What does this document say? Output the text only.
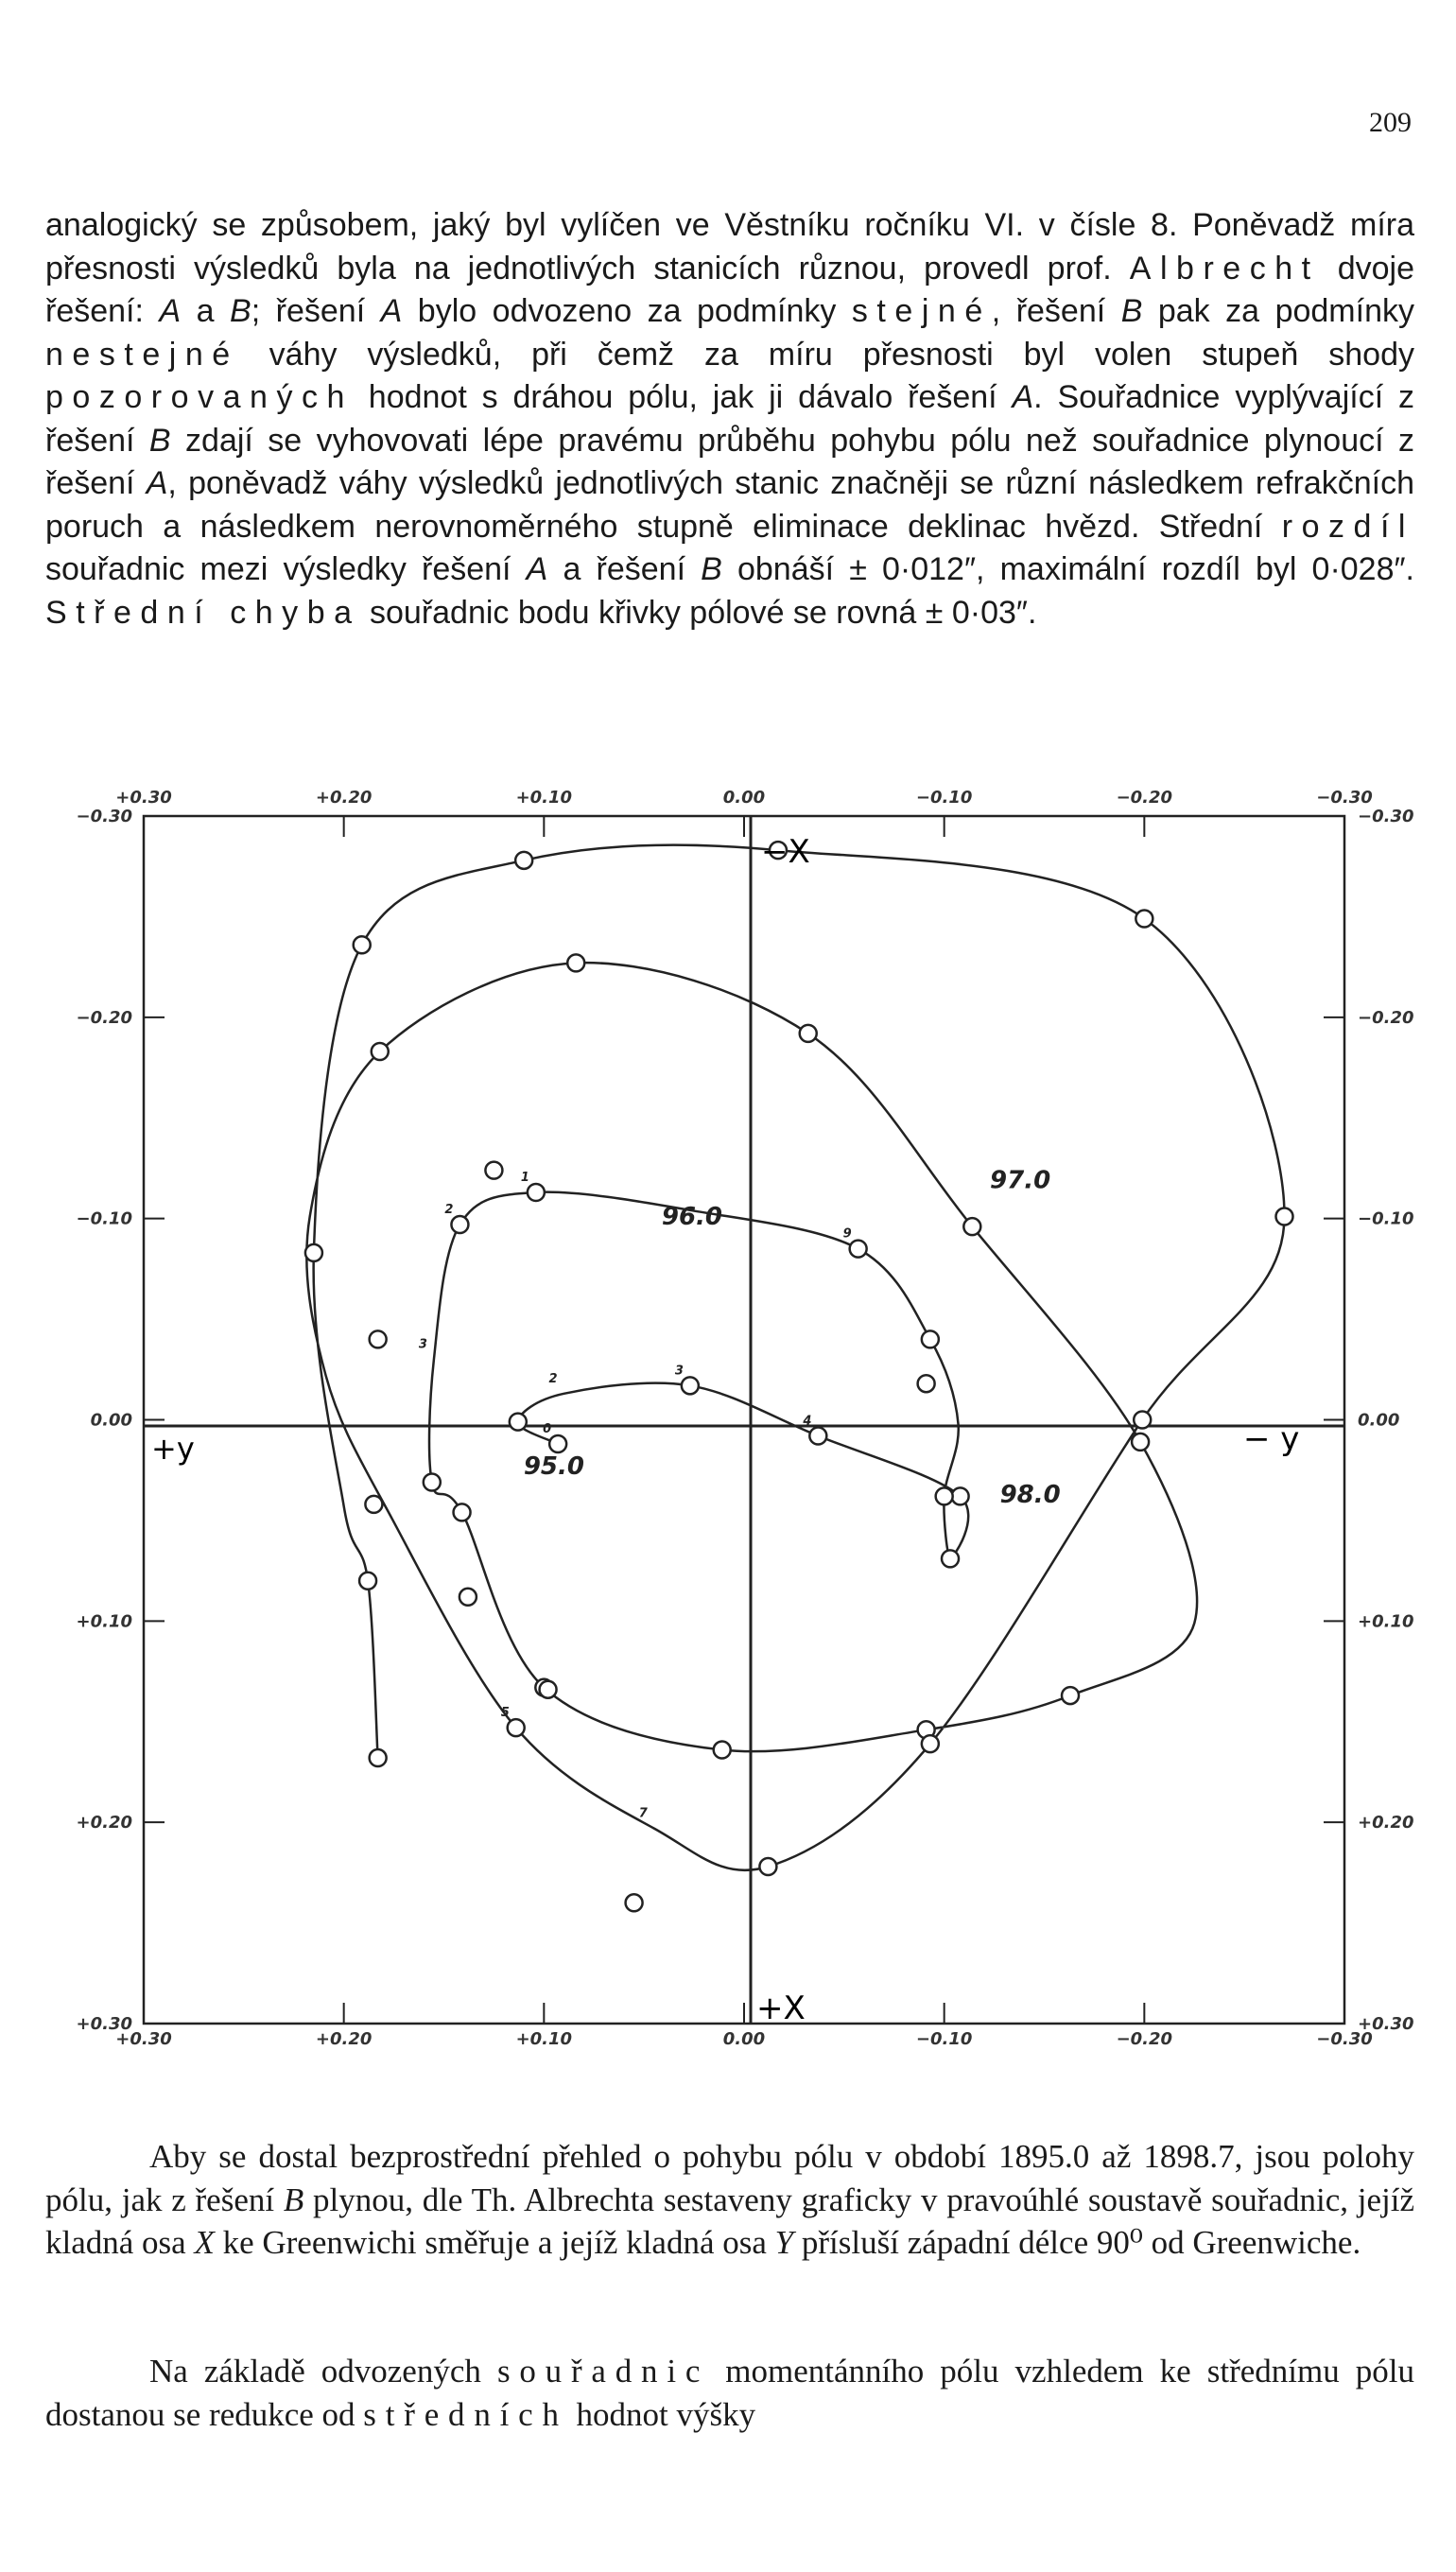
209

analogický se způsobem, jaký byl vylíčen ve Věstníku ročníku VI. v čísle 8. Poněvadž míra přesnosti výsledků byla na jednotlivých stanicích různou, provedl prof. Albrecht dvoje řešení: A a B; řešení A bylo odvozeno za podmínky stejné, řešení B pak za podmínky nestejné váhy výsledků, při čemž za míru přesnosti byl volen stupeň shody pozorovaných hodnot s dráhou pólu, jak ji dávalo řešení A. Souřadnice vyplývající z řešení B zdají se vyhovovati lépe pravému průběhu pohybu pólu než souřadnice plynoucí z řešení A, poněvadž váhy výsledků jednotlivých stanic značněji se různí následkem refrakčních poruch a následkem nerovnoměrného stupně eliminace deklinac hvězd. Střední rozdíl souřadnic mezi výsledky řešení A a řešení B obnáší ± 0·012″, maximální rozdíl byl 0·028″. Střední chyba souřadnic bodu křivky pólové se rovná ± 0·03″.

+0.30
+0.30
−0.30	−0.30
+0.20
+0.20
−0.20	−0.20
+0.10
+0.10
−0.10	−0.10
0.00
0.00
0.00	0.00
−0.10
−0.10
+0.10	+0.10
−0.20
−0.20
+0.20	+0.20
−0.30
−0.30
+0.30	+0.30
0
2
3
4
9
1
2
3
5
7
95.0
96.0
97.0
98.0
−X
+X
+y	− y

Aby se dostal bezprostřední přehled o pohybu pólu v období 1895.0 až 1898.7, jsou polohy pólu, jak z řešení B plynou, dle Th. Albrechta sestaveny graficky v pravoúhlé soustavě souřadnic, jejíž kladná osa X ke Greenwichi směřuje a jejíž kladná osa Y přísluší západní délce 90⁰ od Greenwiche.

Na základě odvozených souřadnic momentánního pólu vzhledem ke střednímu pólu dostanou se redukce od středních hodnot výšky
